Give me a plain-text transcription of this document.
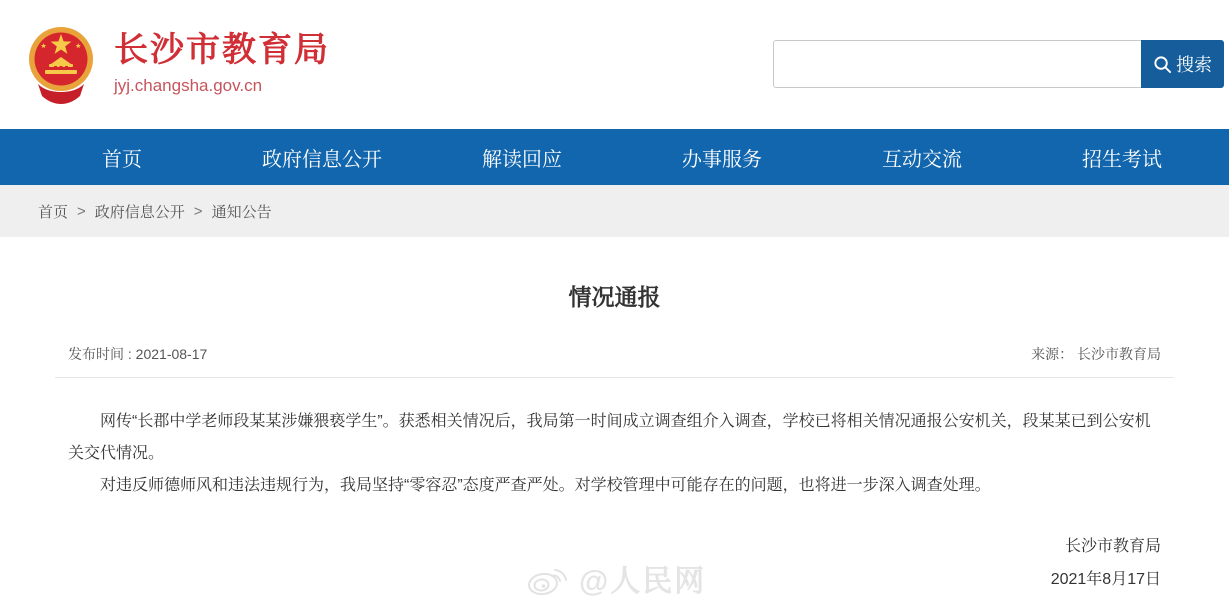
长沙市教育局
jyj.changsha.gov.cn
搜索
首页	政府信息公开	解读回应	办事服务	互动交流	招生考试
首页 > 政府信息公开 > 通知公告
情况通报
发布时间 : 2021-08-17	来源： 长沙市教育局

网传“长郡中学老师段某某涉嫌猥亵学生”。获悉相关情况后，我局第一时间成立调查组介入调查，学校已将相关情况通报公安机关，段某某已到公安机关交代情况。

对违反师德师风和违法违规行为，我局坚持“零容忍”态度严查严处。对学校管理中可能存在的问题，也将进一步深入调查处理。

长沙市教育局
2021年8月17日
@人民网
